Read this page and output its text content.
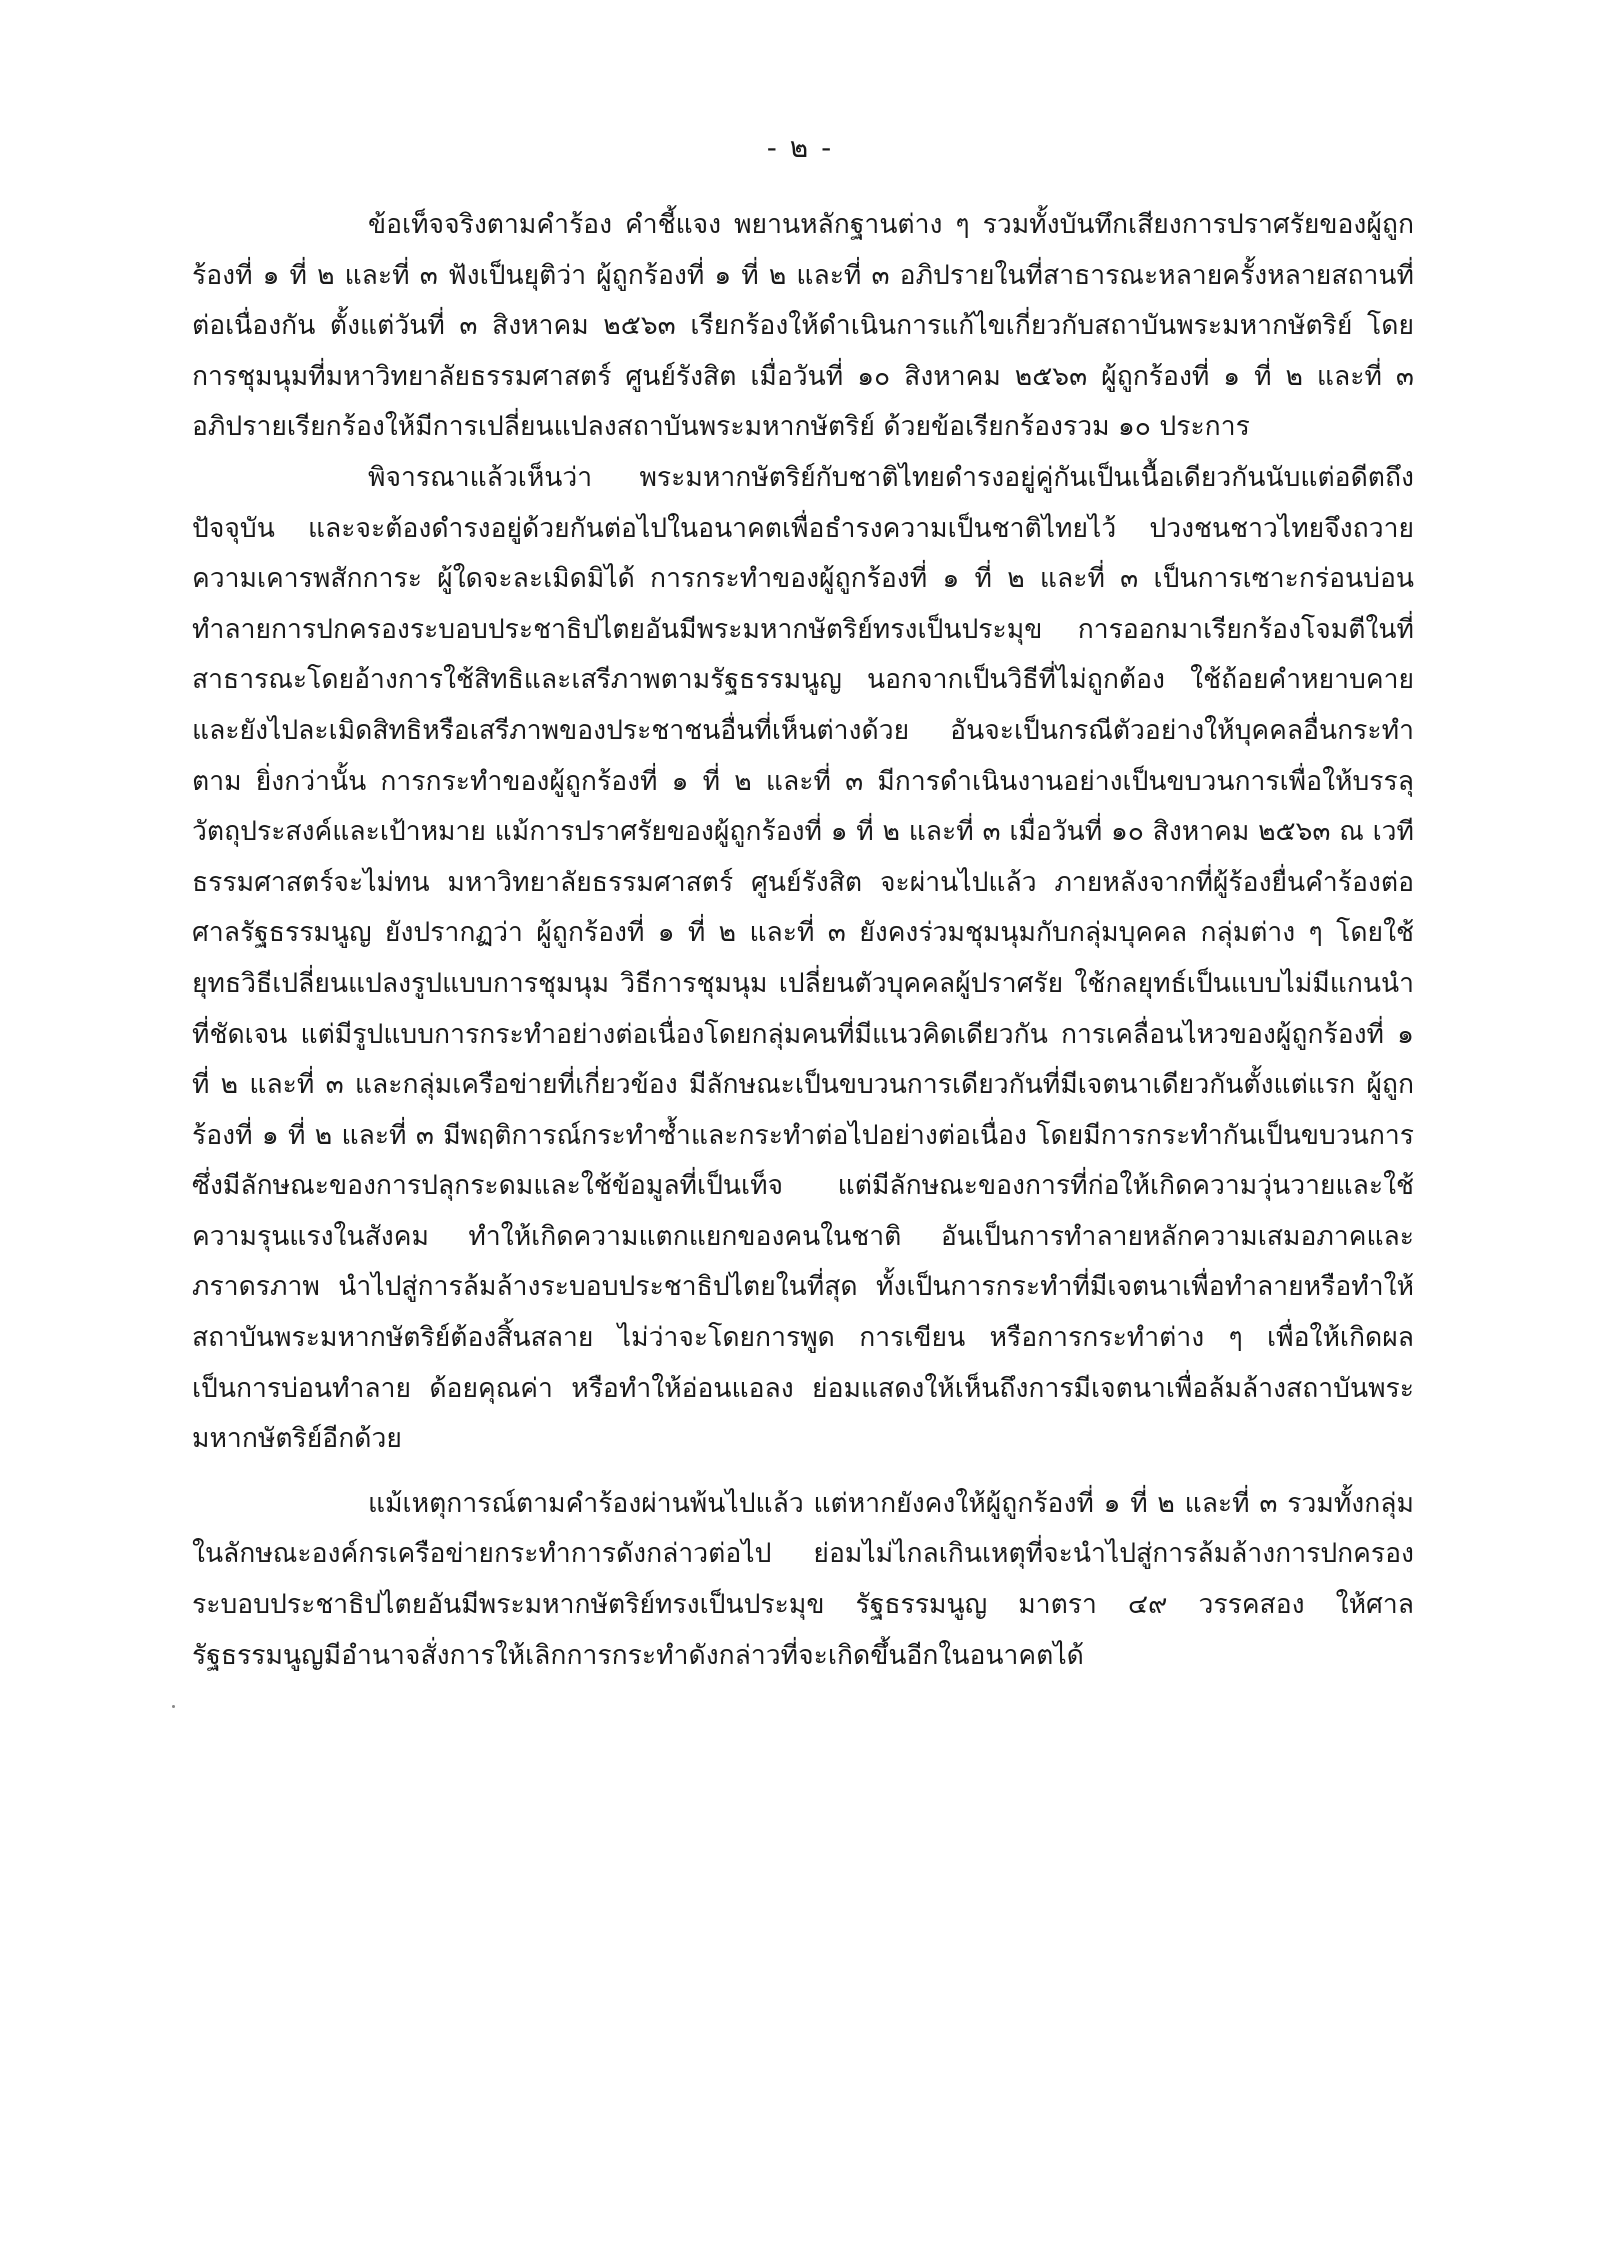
- ๒ -

ข้อเท็จจริงตามคำร้อง คำชี้แจง พยานหลักฐานต่าง ๆ รวมทั้งบันทึกเสียงการปราศรัยของผู้ถูกร้องที่ ๑ ที่ ๒ และที่ ๓ ฟังเป็นยุติว่า ผู้ถูกร้องที่ ๑ ที่ ๒ และที่ ๓ อภิปรายในที่สาธารณะหลายครั้งหลายสถานที่ต่อเนื่องกัน ตั้งแต่วันที่ ๓ สิงหาคม ๒๕๖๓ เรียกร้องให้ดำเนินการแก้ไขเกี่ยวกับสถาบันพระมหากษัตริย์ โดยการชุมนุมที่มหาวิทยาลัยธรรมศาสตร์ ศูนย์รังสิต เมื่อวันที่ ๑๐ สิงหาคม ๒๕๖๓ ผู้ถูกร้องที่ ๑ ที่ ๒ และที่ ๓ อภิปรายเรียกร้องให้มีการเปลี่ยนแปลงสถาบันพระมหากษัตริย์ ด้วยข้อเรียกร้องรวม ๑๐ ประการ

พิจารณาแล้วเห็นว่า พระมหากษัตริย์กับชาติไทยดำรงอยู่คู่กันเป็นเนื้อเดียวกันนับแต่อดีตถึงปัจจุบัน และจะต้องดำรงอยู่ด้วยกันต่อไปในอนาคตเพื่อธำรงความเป็นชาติไทยไว้ ปวงชนชาวไทยจึงถวายความเคารพสักการะ ผู้ใดจะละเมิดมิได้ การกระทำของผู้ถูกร้องที่ ๑ ที่ ๒ และที่ ๓ เป็นการเซาะกร่อนบ่อนทำลายการปกครองระบอบประชาธิปไตยอันมีพระมหากษัตริย์ทรงเป็นประมุข การออกมาเรียกร้องโจมตีในที่สาธารณะโดยอ้างการใช้สิทธิและเสรีภาพตามรัฐธรรมนูญ นอกจากเป็นวิธีที่ไม่ถูกต้อง ใช้ถ้อยคำหยาบคาย และยังไปละเมิดสิทธิหรือเสรีภาพของประชาชนอื่นที่เห็นต่างด้วย อันจะเป็นกรณีตัวอย่างให้บุคคลอื่นกระทำตาม ยิ่งกว่านั้น การกระทำของผู้ถูกร้องที่ ๑ ที่ ๒ และที่ ๓ มีการดำเนินงานอย่างเป็นขบวนการเพื่อให้บรรลุวัตถุประสงค์และเป้าหมาย แม้การปราศรัยของผู้ถูกร้องที่ ๑ ที่ ๒ และที่ ๓ เมื่อวันที่ ๑๐ สิงหาคม ๒๕๖๓ ณ เวทีธรรมศาสตร์จะไม่ทน มหาวิทยาลัยธรรมศาสตร์ ศูนย์รังสิต จะผ่านไปแล้ว ภายหลังจากที่ผู้ร้องยื่นคำร้องต่อศาลรัฐธรรมนูญ ยังปรากฏว่า ผู้ถูกร้องที่ ๑ ที่ ๒ และที่ ๓ ยังคงร่วมชุมนุมกับกลุ่มบุคคล กลุ่มต่าง ๆ โดยใช้ยุทธวิธีเปลี่ยนแปลงรูปแบบการชุมนุม วิธีการชุมนุม เปลี่ยนตัวบุคคลผู้ปราศรัย ใช้กลยุทธ์เป็นแบบไม่มีแกนนำที่ชัดเจน แต่มีรูปแบบการกระทำอย่างต่อเนื่องโดยกลุ่มคนที่มีแนวคิดเดียวกัน การเคลื่อนไหวของผู้ถูกร้องที่ ๑ ที่ ๒ และที่ ๓ และกลุ่มเครือข่ายที่เกี่ยวข้อง มีลักษณะเป็นขบวนการเดียวกันที่มีเจตนาเดียวกันตั้งแต่แรก ผู้ถูกร้องที่ ๑ ที่ ๒ และที่ ๓ มีพฤติการณ์กระทำซ้ำและกระทำต่อไปอย่างต่อเนื่อง โดยมีการกระทำกันเป็นขบวนการ ซึ่งมีลักษณะของการปลุกระดมและใช้ข้อมูลที่เป็นเท็จ แต่มีลักษณะของการที่ก่อให้เกิดความวุ่นวายและใช้ความรุนแรงในสังคม ทำให้เกิดความแตกแยกของคนในชาติ อันเป็นการทำลายหลักความเสมอภาคและภราดรภาพ นำไปสู่การล้มล้างระบอบประชาธิปไตยในที่สุด ทั้งเป็นการกระทำที่มีเจตนาเพื่อทำลายหรือทำให้สถาบันพระมหากษัตริย์ต้องสิ้นสลาย ไม่ว่าจะโดยการพูด การเขียน หรือการกระทำต่าง ๆ เพื่อให้เกิดผลเป็นการบ่อนทำลาย ด้อยคุณค่า หรือทำให้อ่อนแอลง ย่อมแสดงให้เห็นถึงการมีเจตนาเพื่อล้มล้างสถาบันพระมหากษัตริย์อีกด้วย

แม้เหตุการณ์ตามคำร้องผ่านพ้นไปแล้ว แต่หากยังคงให้ผู้ถูกร้องที่ ๑ ที่ ๒ และที่ ๓ รวมทั้งกลุ่มในลักษณะองค์กรเครือข่ายกระทำการดังกล่าวต่อไป ย่อมไม่ไกลเกินเหตุที่จะนำไปสู่การล้มล้างการปกครองระบอบประชาธิปไตยอันมีพระมหากษัตริย์ทรงเป็นประมุข รัฐธรรมนูญ มาตรา ๔๙ วรรคสอง ให้ศาลรัฐธรรมนูญมีอำนาจสั่งการให้เลิกการกระทำดังกล่าวที่จะเกิดขึ้นอีกในอนาคตได้
